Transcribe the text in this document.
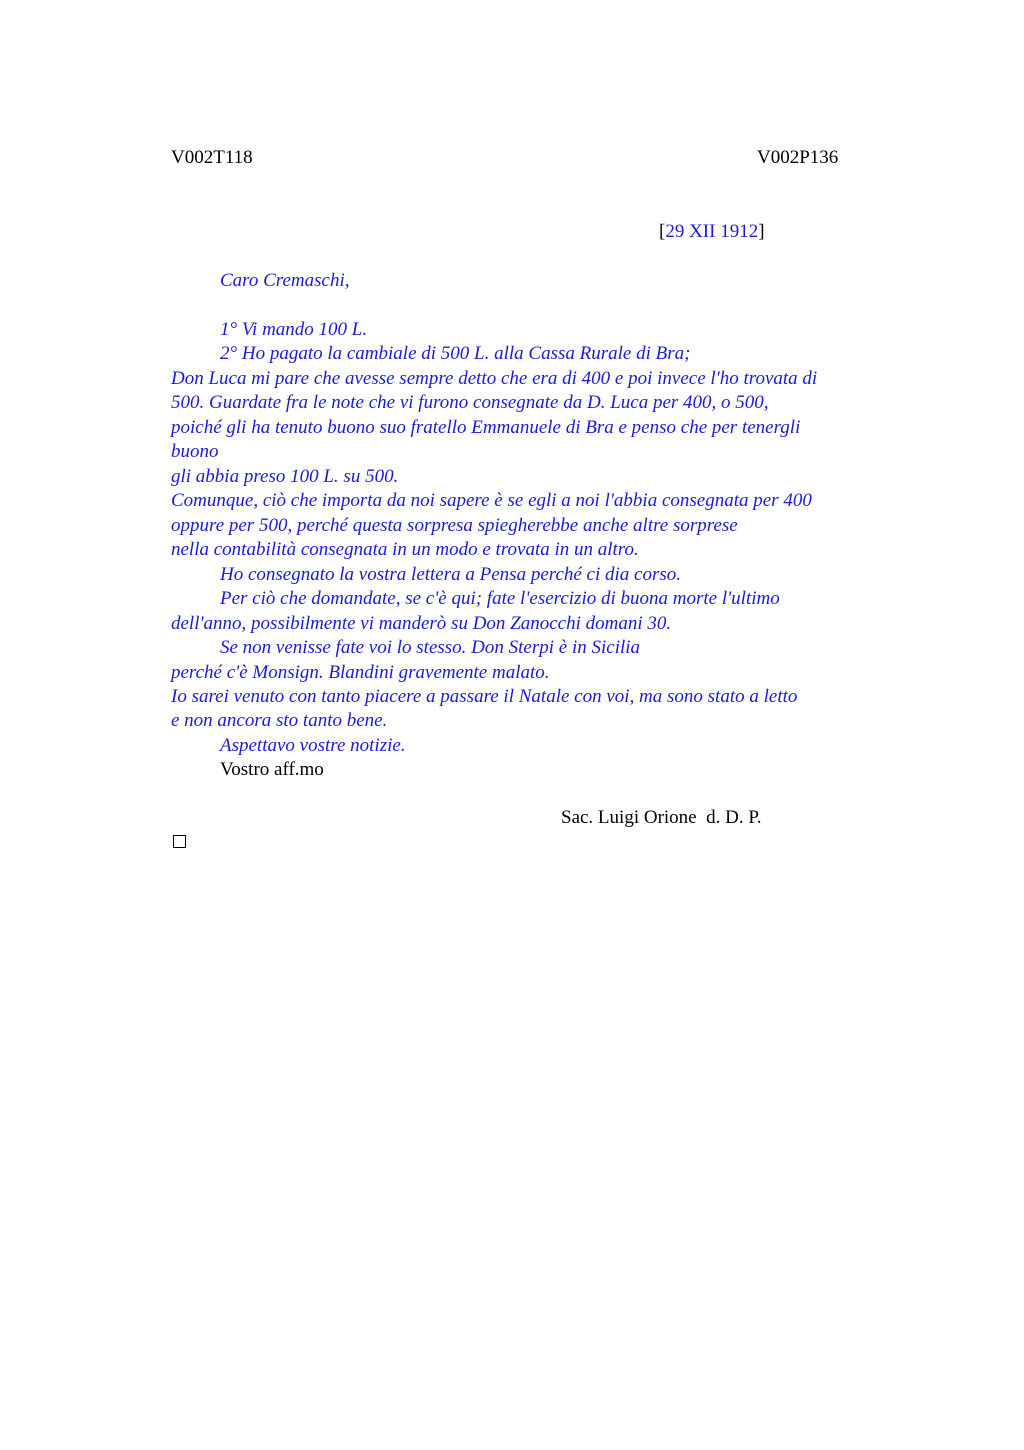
V002T118	V002P136
[29 XII 1912]
Caro Cremaschi,
1° Vi mando 100 L.
2° Ho pagato la cambiale di 500 L. alla Cassa Rurale di Bra;
Don Luca mi pare che avesse sempre detto che era di 400 e poi invece l'ho trovata di
500. Guardate fra le note che vi furono consegnate da D. Luca per 400, o 500,
poiché gli ha tenuto buono suo fratello Emmanuele di Bra e penso che per tenergli
buono
gli abbia preso 100 L. su 500.
Comunque, ciò che importa da noi sapere è se egli a noi l'abbia consegnata per 400
oppure per 500, perché questa sorpresa spiegherebbe anche altre sorprese
nella contabilità consegnata in un modo e trovata in un altro.
Ho consegnato la vostra lettera a Pensa perché ci dia corso.
Per ciò che domandate, se c'è qui; fate l'esercizio di buona morte l'ultimo
dell'anno, possibilmente vi manderò su Don Zanocchi domani 30.
Se non venisse fate voi lo stesso. Don Sterpi è in Sicilia
perché c'è Monsign. Blandini gravemente malato.
Io sarei venuto con tanto piacere a passare il Natale con voi, ma sono stato a letto
e non ancora sto tanto bene.
Aspettavo vostre notizie.
Vostro aff.mo
Sac. Luigi Orione  d. D. P.
